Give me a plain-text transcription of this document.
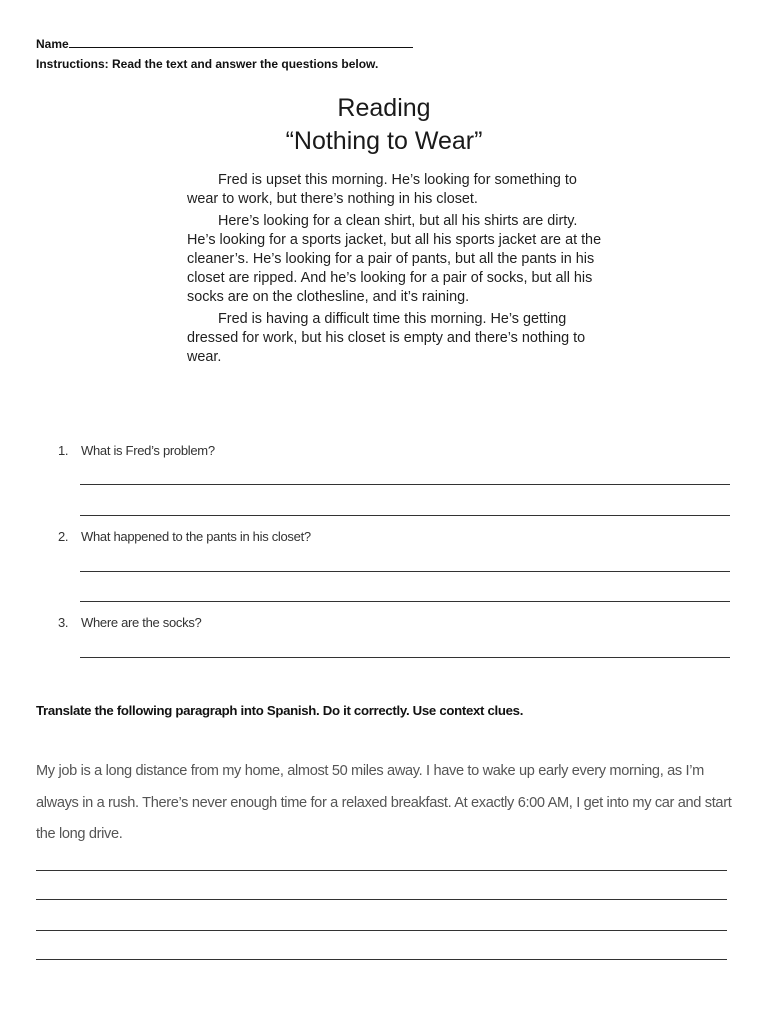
Name
Instructions: Read the text and answer the questions below.
Reading
“Nothing to Wear”

Fred is upset this morning. He’s looking for something to wear to work, but there’s nothing in his closet.

Here’s looking for a clean shirt, but all his shirts are dirty. He’s looking for a sports jacket, but all his sports jacket are at the cleaner’s. He’s looking for a pair of pants, but all the pants in his closet are ripped. And he’s looking for a pair of socks, but all his socks are on the clothesline, and it’s raining.

Fred is having a difficult time this morning. He’s getting dressed for work, but his closet is empty and there’s nothing to wear.

1. What is Fred’s problem?
2. What happened to the pants in his closet?
3. Where are the socks?
Translate the following paragraph into Spanish. Do it correctly. Use context clues.
My job is a long distance from my home, almost 50 miles away. I have to wake up early every morning, as I’m always in a rush. There’s never enough time for a relaxed breakfast. At exactly 6:00 AM, I get into my car and start the long drive.
